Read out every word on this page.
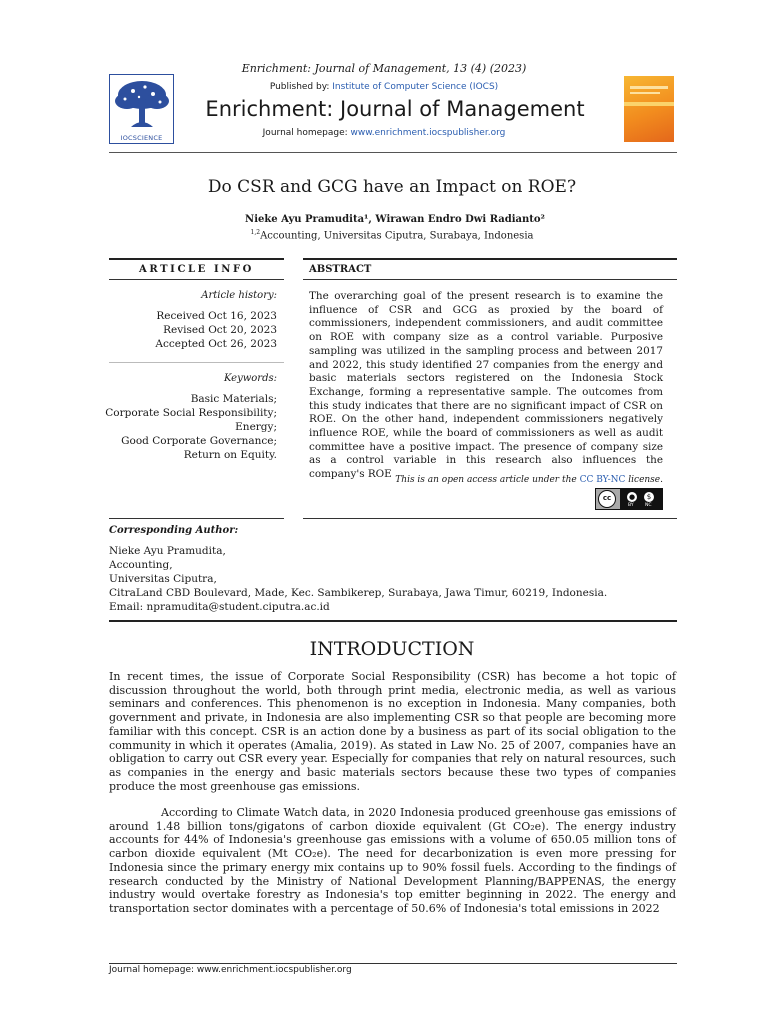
Enrichment: Journal of Management, 13 (4) (2023)
IOCSCIENCE
Published by: Institute of Computer Science (IOCS)
Enrichment: Journal of Management
Journal homepage: www.enrichment.iocspublisher.org
Do CSR and GCG have an Impact on ROE?
Nieke Ayu Pramudita¹, Wirawan Endro Dwi Radianto²
$^{1,2}$Accounting, Universitas Ciputra, Surabaya, Indonesia
ARTICLE INFO	ABSTRACT
Article history:
Received Oct 16, 2023
Revised Oct 20, 2023
Accepted Oct 26, 2023
Keywords:
Basic Materials;
Corporate Social Responsibility;
Energy;
Good Corporate Governance;
Return on Equity.
The overarching goal of the present research is to examine the influence of CSR and GCG as proxied by the board of commissioners, independent commissioners, and audit committee on ROE with company size as a control variable. Purposive sampling was utilized in the sampling process and between 2017 and 2022, this study identified 27 companies from the energy and basic materials sectors registered on the Indonesia Stock Exchange, forming a representative sample. The outcomes from this study indicates that there are no significant impact of CSR on ROE. On the other hand, independent commissioners negatively influence ROE, while the board of commissioners as well as audit committee have a positive impact. The presence of company size as a control variable in this research also influences the company's ROE This is an open access article under the CC BY-NC license.
cc	●	$
BY	NC
Corresponding Author:
Nieke Ayu Pramudita,
Accounting,
Universitas Ciputra,
CitraLand CBD Boulevard, Made, Kec. Sambikerep, Surabaya, Jawa Timur, 60219, Indonesia.
Email: npramudita@student.ciputra.ac.id
INTRODUCTION
In recent times, the issue of Corporate Social Responsibility (CSR) has become a hot topic of discussion throughout the world, both through print media, electronic media, as well as various seminars and conferences. This phenomenon is no exception in Indonesia. Many companies, both government and private, in Indonesia are also implementing CSR so that people are becoming more familiar with this concept. CSR is an action done by a business as part of its social obligation to the community in which it operates (Amalia, 2019). As stated in Law No. 25 of 2007, companies have an obligation to carry out CSR every year. Especially for companies that rely on natural resources, such as companies in the energy and basic materials sectors because these two types of companies produce the most greenhouse gas emissions.
According to Climate Watch data, in 2020 Indonesia produced greenhouse gas emissions of around 1.48 billion tons/gigatons of carbon dioxide equivalent (Gt CO₂e). The energy industry accounts for 44% of Indonesia's greenhouse gas emissions with a volume of 650.05 million tons of carbon dioxide equivalent (Mt CO₂e). The need for decarbonization is even more pressing for Indonesia since the primary energy mix contains up to 90% fossil fuels. According to the findings of research conducted by the Ministry of National Development Planning/BAPPENAS, the energy industry would overtake forestry as Indonesia's top emitter beginning in 2022. The energy and transportation sector dominates with a percentage of 50.6% of Indonesia's total emissions in 2022
Journal homepage: www.enrichment.iocspublisher.org
